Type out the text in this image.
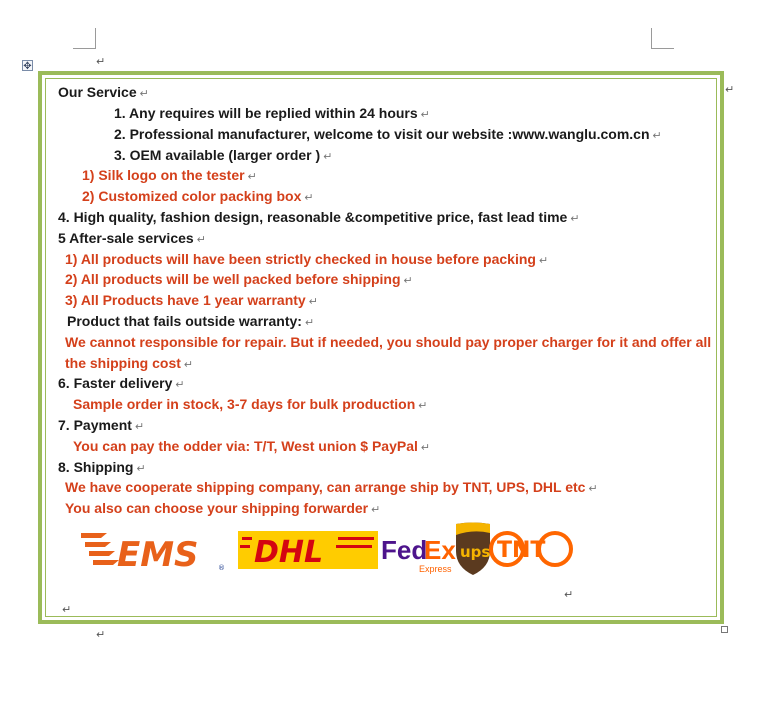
↵
✥
↵
Our Service ↵
1. Any requires will be replied within 24 hours ↵
2. Professional manufacturer, welcome to visit our website :www.wanglu.com.cn ↵
3. OEM available (larger order ) ↵
1) Silk logo on the tester ↵
2) Customized color packing box ↵
4. High quality, fashion design, reasonable &competitive price, fast lead time ↵
5 After-sale services ↵
1) All products will have been strictly checked in house before packing ↵
2) All products will be well packed before shipping ↵
3) All Products have 1 year warranty ↵
Product that fails outside warranty: ↵
We cannot responsible for repair. But if needed, you should pay proper charger for it and offer all
the shipping cost ↵
6. Faster delivery ↵
Sample order in stock, 3-7 days for bulk production ↵
7. Payment ↵
You can pay the odder via: T/T, West union $ PayPal ↵
8. Shipping ↵
We have cooperate shipping company, can arrange ship by TNT, UPS, DHL etc ↵
You also can choose your shipping forwarder ↵
EMS	® DHL Fed
Ex
Express
ups TNT
↵
↵
↵
